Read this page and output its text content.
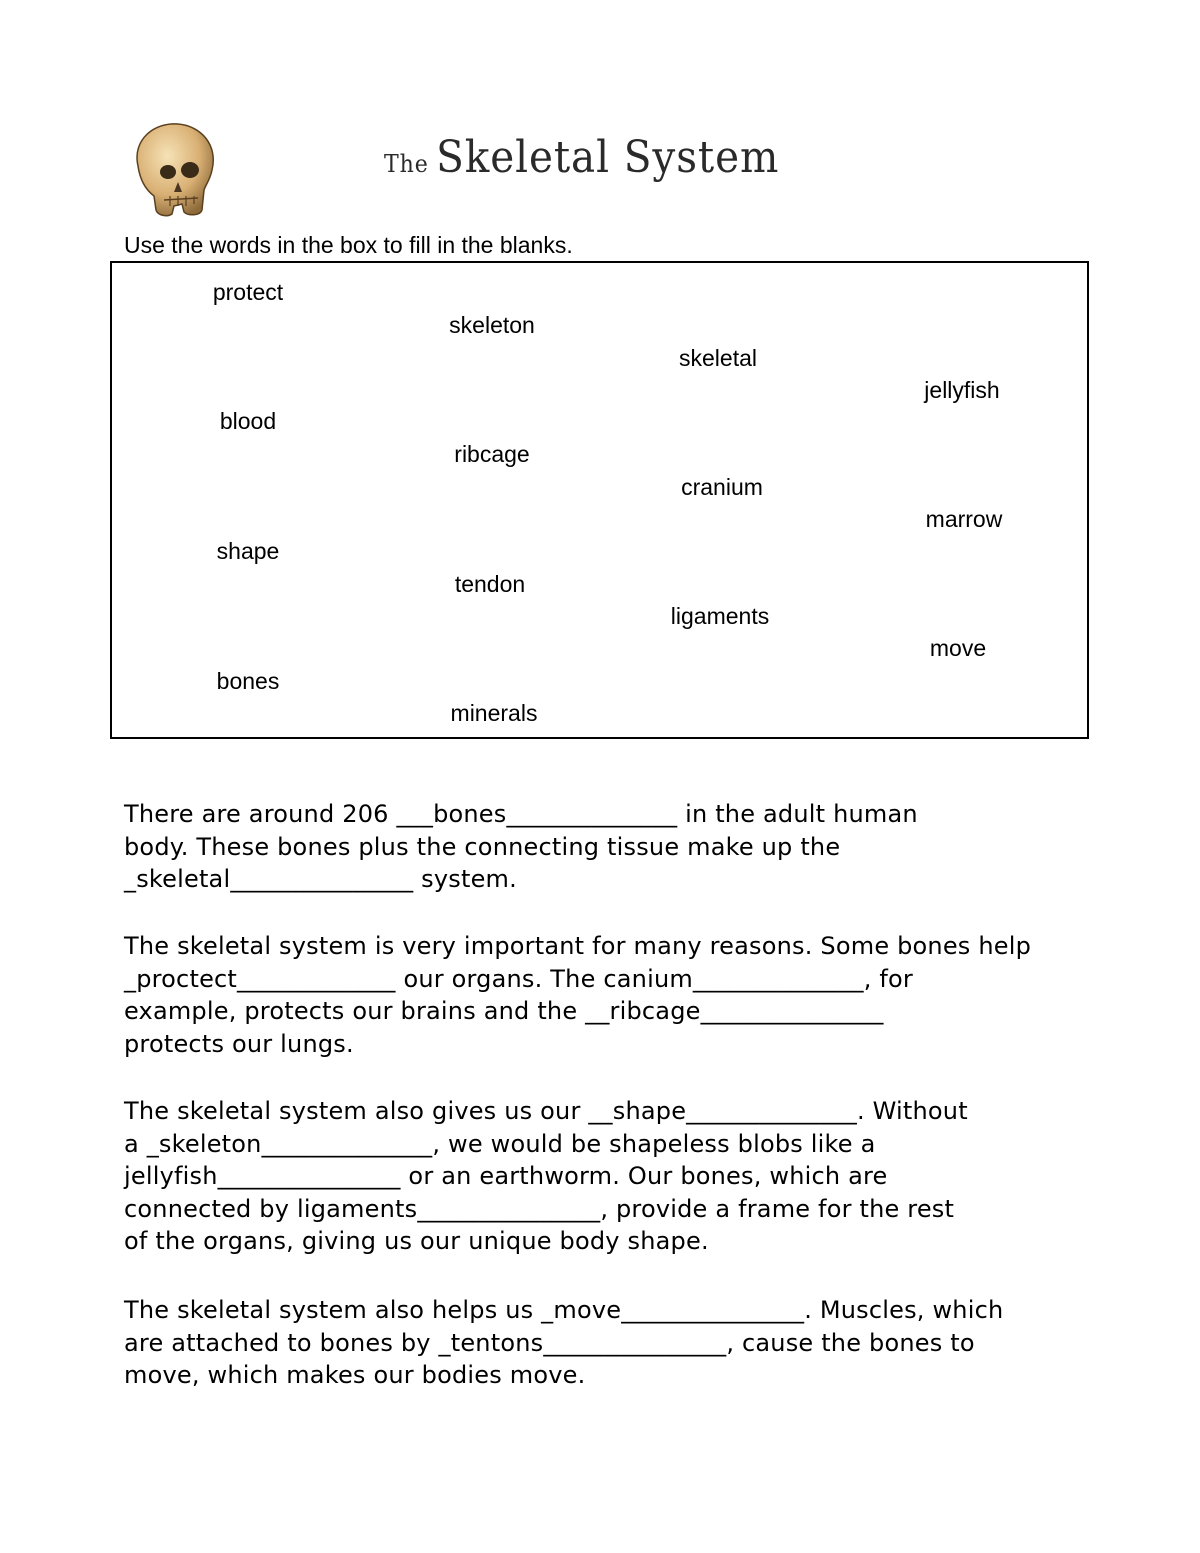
The Skeletal System
Use the words in the box to fill in the blanks.
protect
skeleton
skeletal
jellyfish
blood
ribcage
cranium
marrow
shape
tendon
ligaments
move
bones
minerals
There are around 206 ___bones______________ in the adult human
body. These bones plus the connecting tissue make up the
_skeletal_______________ system.
The skeletal system is very important for many reasons. Some bones help
_proctect_____________ our organs. The canium______________, for
example, protects our brains and the __ribcage_______________
protects our lungs.
The skeletal system also gives us our __shape______________. Without
a _skeleton______________, we would be shapeless blobs like a
jellyfish_______________ or an earthworm. Our bones, which are
connected by ligaments_______________, provide a frame for the rest
of the organs, giving us our unique body shape.
The skeletal system also helps us _move_______________. Muscles, which
are attached to bones by _tentons_______________, cause the bones to
move, which makes our bodies move.
